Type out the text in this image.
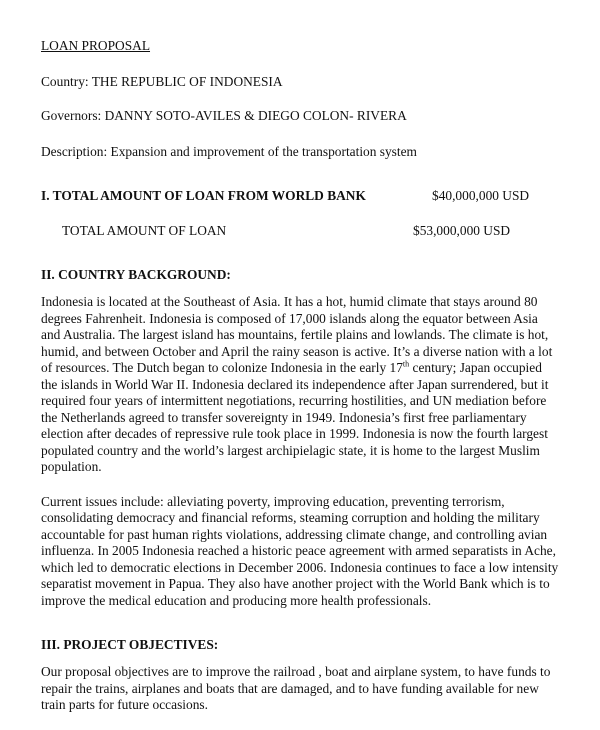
LOAN PROPOSAL
Country: THE REPUBLIC OF INDONESIA
Governors: DANNY SOTO-AVILES & DIEGO COLON- RIVERA
Description: Expansion and improvement of the transportation system
I. TOTAL AMOUNT OF LOAN FROM WORLD BANK	$40,000,000 USD
TOTAL AMOUNT OF LOAN	$53,000,000 USD
II. COUNTRY BACKGROUND:
Indonesia is located at the Southeast of Asia. It has a hot, humid climate that stays around 80
degrees Fahrenheit. Indonesia is composed of 17,000 islands along the equator between Asia
and Australia. The largest island has mountains, fertile plains and lowlands. The climate is hot,
humid, and between October and April the rainy season is active. It’s a diverse nation with a lot
of resources. The Dutch began to colonize Indonesia in the early 17th century; Japan occupied
the islands in World War II. Indonesia declared its independence after Japan surrendered, but it
required four years of intermittent negotiations, recurring hostilities, and UN mediation before
the Netherlands agreed to transfer sovereignty in 1949. Indonesia’s first free parliamentary
election after decades of repressive rule took place in 1999. Indonesia is now the fourth largest
populated country and the world’s largest archipielagic state, it is home to the largest Muslim
population.
Current issues include: alleviating poverty, improving education, preventing terrorism,
consolidating democracy and financial reforms, steaming corruption and holding the military
accountable for past human rights violations, addressing climate change, and controlling avian
influenza. In 2005 Indonesia reached a historic peace agreement with armed separatists in Ache,
which led to democratic elections in December 2006. Indonesia continues to face a low intensity
separatist movement in Papua. They also have another project with the World Bank which is to
improve the medical education and producing more health professionals.
III. PROJECT OBJECTIVES:
Our proposal objectives are to improve the railroad , boat and airplane system, to have funds to
repair the trains, airplanes and boats that are damaged, and to have funding available for new
train parts for future occasions.
